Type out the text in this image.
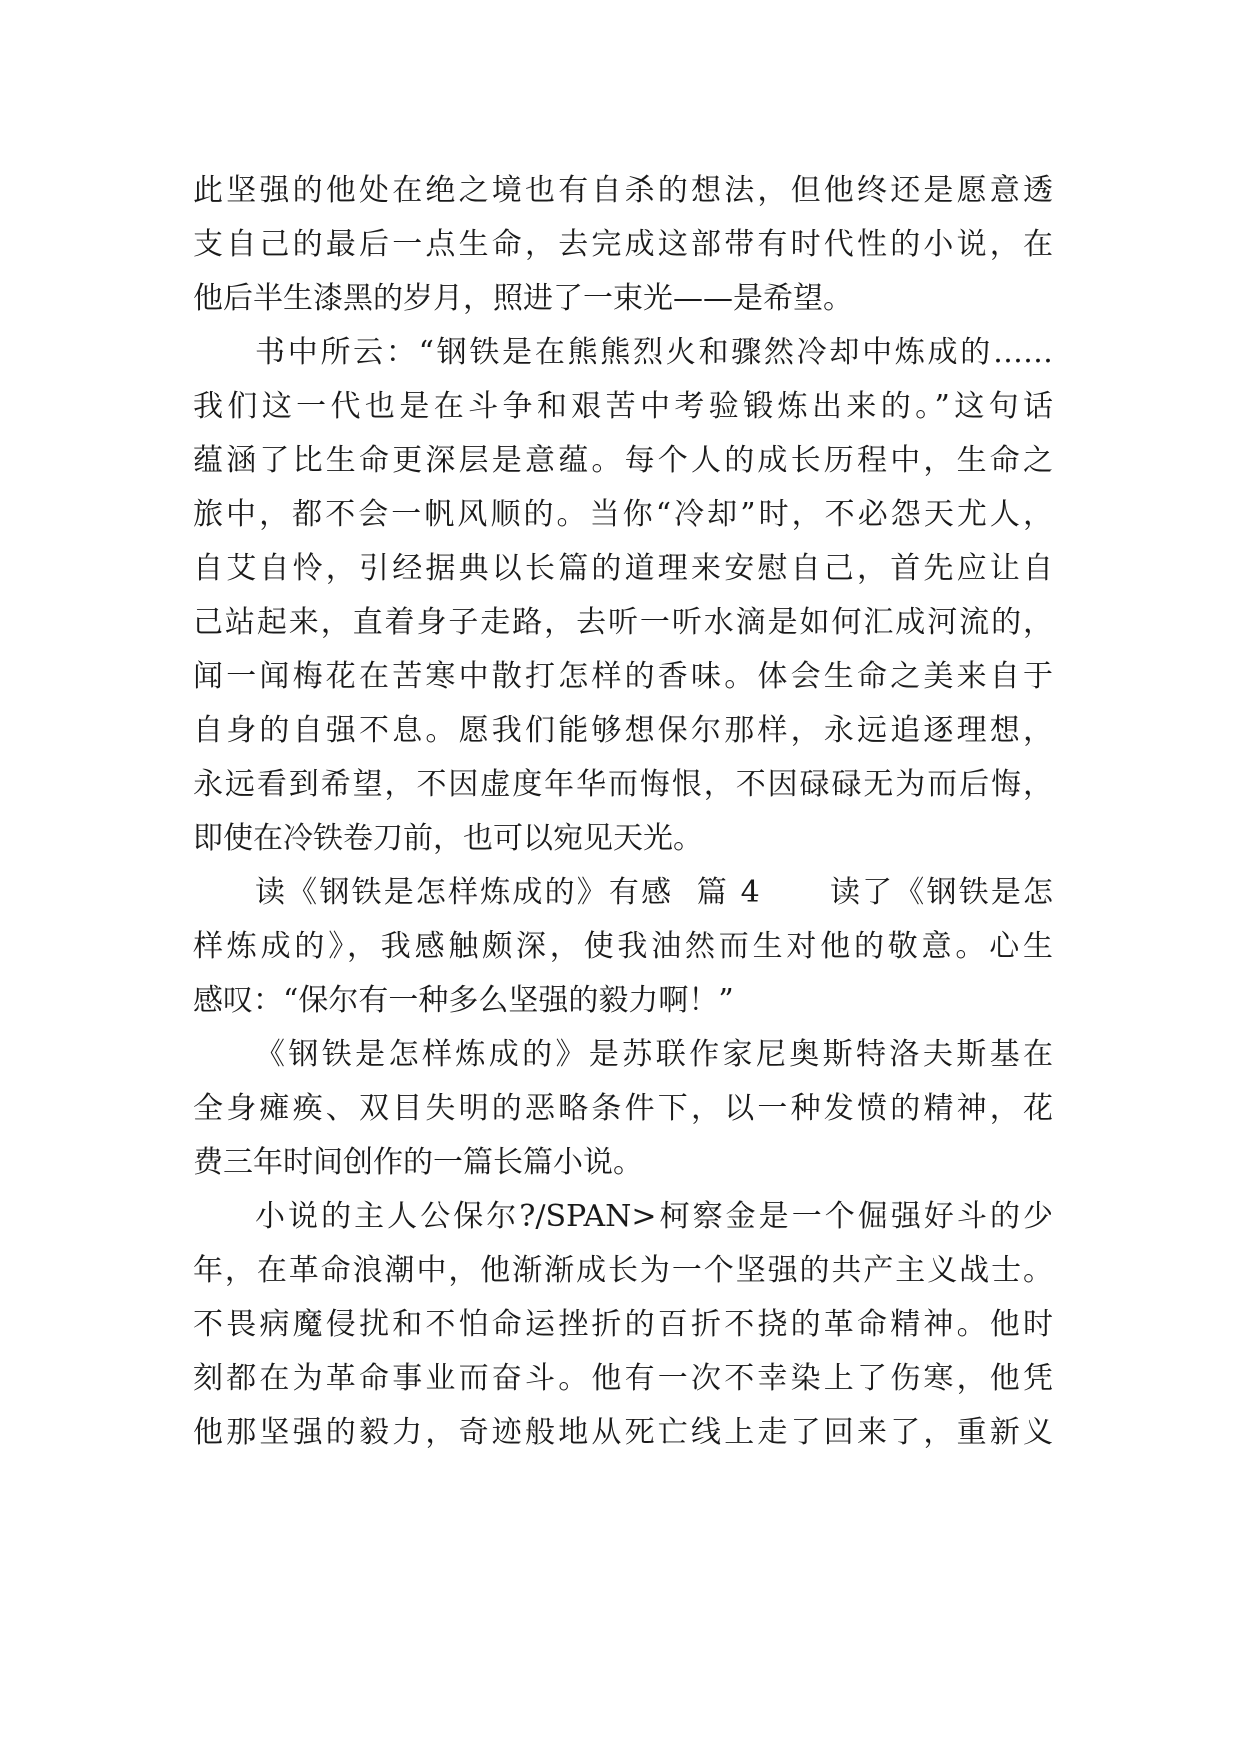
此坚强的他处在绝之境也有自杀的想法，但他终还是愿意透
支自己的最后一点生命，去完成这部带有时代性的小说，在
他后半生漆黑的岁月，照进了一束光——是希望。
书中所云：“钢铁是在熊熊烈火和骤然冷却中炼成的……
我们这一代也是在斗争和艰苦中考验锻炼出来的。”这句话
蕴涵了比生命更深层是意蕴。每个人的成长历程中，生命之
旅中，都不会一帆风顺的。当你“冷却”时，不必怨天尤人，
自艾自怜，引经据典以长篇的道理来安慰自己，首先应让自
己站起来，直着身子走路，去听一听水滴是如何汇成河流的，
闻一闻梅花在苦寒中散打怎样的香味。体会生命之美来自于
自身的自强不息。愿我们能够想保尔那样，永远追逐理想，
永远看到希望，不因虚度年华而悔恨，不因碌碌无为而后悔，
即使在冷铁卷刀前，也可以宛见天光。
读《钢铁是怎样炼成的》有感  篇 4      读了《钢铁是怎
样炼成的》，我感触颇深，使我油然而生对他的敬意。心生
感叹：“保尔有一种多么坚强的毅力啊！”
《钢铁是怎样炼成的》是苏联作家尼奥斯特洛夫斯基在
全身瘫痪、双目失明的恶略条件下，以一种发愤的精神，花
费三年时间创作的一篇长篇小说。
小说的主人公保尔?/SPAN>柯察金是一个倔强好斗的少
年，在革命浪潮中，他渐渐成长为一个坚强的共产主义战士。
不畏病魔侵扰和不怕命运挫折的百折不挠的革命精神。他时
刻都在为革命事业而奋斗。他有一次不幸染上了伤寒，他凭
他那坚强的毅力，奇迹般地从死亡线上走了回来了，重新义
